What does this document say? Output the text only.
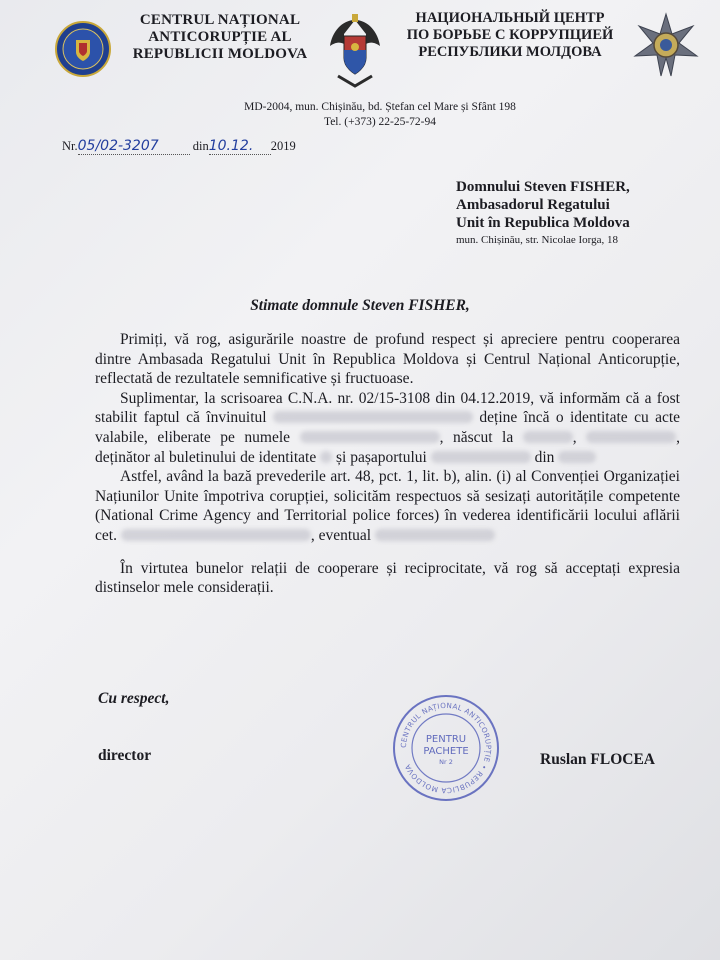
CENTRUL NAȚIONAL
ANTICORUPȚIE AL
REPUBLICII MOLDOVA
НАЦИОНАЛЬНЫЙ ЦЕНТР
ПО БОРЬБЕ С КОРРУПЦИЕЙ
РЕСПУБЛИКИ МОЛДОВА
MD-2004, mun. Chișinău, bd. Ștefan cel Mare și Sfânt 198
Tel. (+373) 22-25-72-94
Nr.05/02-3207	din10.12. 2019
Domnului Steven FISHER,
Ambasadorul Regatului
Unit în Republica Moldova
mun. Chișinău, str. Nicolae Iorga, 18
Stimate domnule Steven FISHER,

Primiți, vă rog, asigurările noastre de profund respect și apreciere pentru cooperarea dintre Ambasada Regatului Unit în Republica Moldova și Centrul Național Anticorupție, reflectată de rezultatele semnificative și fructuoase.

Suplimentar, la scrisoarea C.N.A. nr. 02/15-3108 din 04.12.2019, vă informăm că a fost stabilit faptul că învinuitul	deține încă o identitate cu acte valabile, eliberate pe numele	, născut la	,	, deținător al buletinului de identitate și pașaportului	din

Astfel, având la bază prevederile art. 48, pct. 1, lit. b), alin. (i) al Convenției Organizației Națiunilor Unite împotriva corupției, solicităm respectuos să sesizați autoritățile competente (National Crime Agency and Territorial police forces) în vederea identificării locului aflării cet.	, eventual

În virtutea bunelor relații de cooperare și reciprocitate, vă rog să acceptați expresia distinselor mele considerații.

Cu respect,
director
CENTRUL NAȚIONAL ANTICORUPȚIE • REPUBLICA MOLDOVA
PENTRU
PACHETE
Nr 2	Ruslan FLOCEA
